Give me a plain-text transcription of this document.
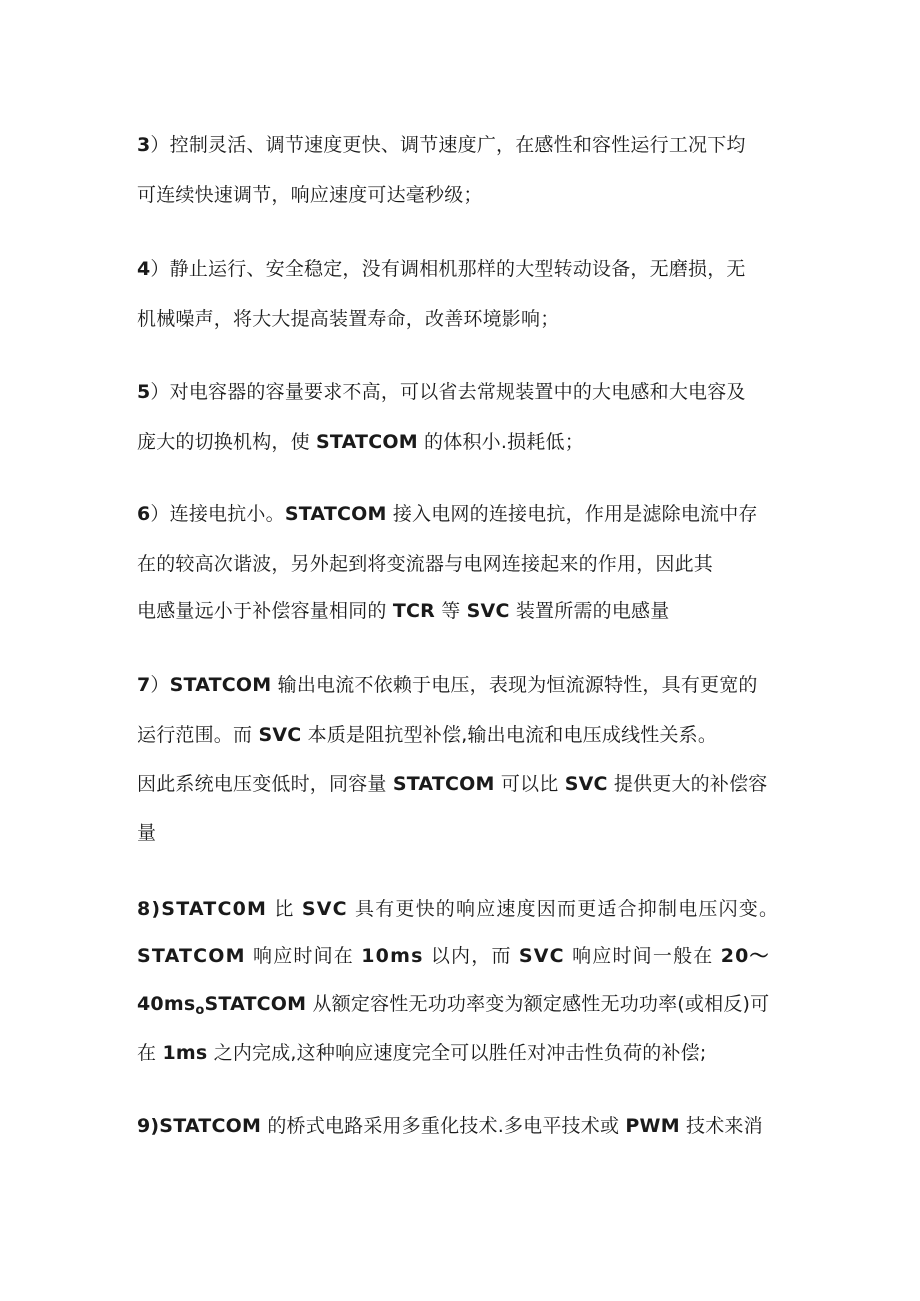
3）控制灵活、调节速度更快、调节速度广，在感性和容性运行工况下均
可连续快速调节，响应速度可达毫秒级；
4）静止运行、安全稳定，没有调相机那样的大型转动设备，无磨损，无
机械噪声，将大大提高装置寿命，改善环境影响；
5）对电容器的容量要求不高，可以省去常规装置中的大电感和大电容及
庞大的切换机构，使 STATCOM 的体积小.损耗低；
6）连接电抗小。STATCOM 接入电网的连接电抗，作用是滤除电流中存
在的较高次谐波，另外起到将变流器与电网连接起来的作用，因此其
电感量远小于补偿容量相同的 TCR 等 SVC 装置所需的电感量
7）STATCOM 输出电流不依赖于电压，表现为恒流源特性，具有更宽的
运行范围。而 SVC 本质是阻抗型补偿,输出电流和电压成线性关系。
因此系统电压变低时，同容量 STATCOM 可以比 SVC 提供更大的补偿容
量
8)STATC0M 比 SVC 具有更快的响应速度因而更适合抑制电压闪变。
STATCOM 响应时间在 10ms 以内，而 SVC 响应时间一般在 20～
$40ms_oSTATCOM$ 从额定容性无功功率变为额定感性无功功率(或相反)可
在 1ms 之内完成,这种响应速度完全可以胜任对冲击性负荷的补偿;
9)STATCOM 的桥式电路采用多重化技术.多电平技术或 PWM 技术来消
